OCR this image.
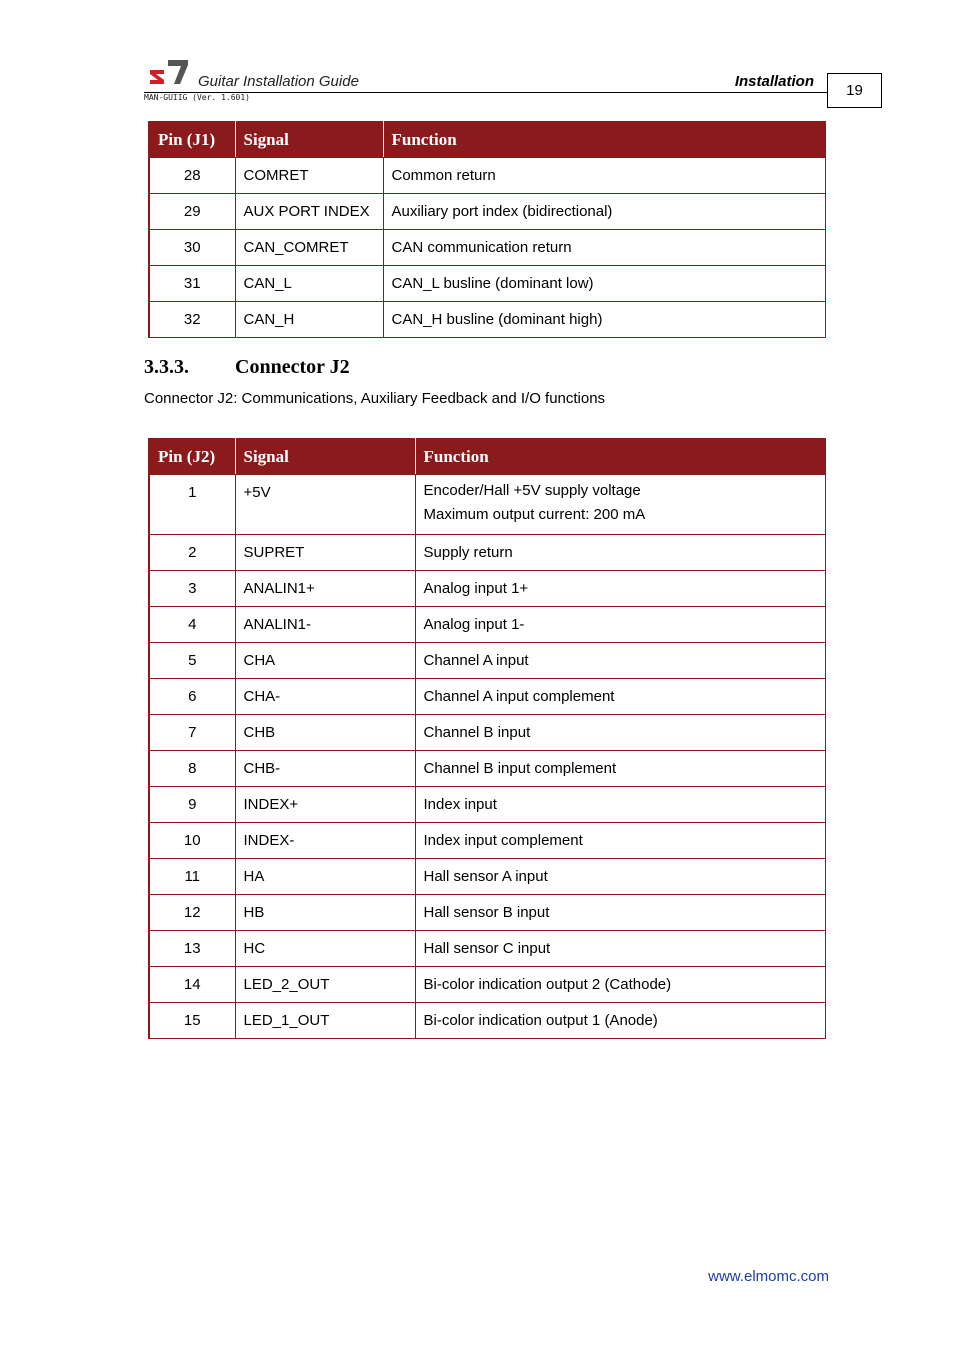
Guitar Installation Guide
MAN-GUIIG (Ver. 1.601)
Installation
19
Pin (J1)	Signal	Function
28	COMRET	Common return
29	AUX PORT INDEX	Auxiliary port index (bidirectional)
30	CAN_COMRET	CAN communication return
31	CAN_L	CAN_L busline (dominant low)
32	CAN_H	CAN_H busline (dominant high)
3.3.3. Connector J2
Connector J2: Communications, Auxiliary Feedback and I/O functions
Pin (J2)	Signal	Function
1	+5V	Encoder/Hall +5V supply voltage
Maximum output current: 200 mA

2	SUPRET	Supply return
3	ANALIN1+	Analog input 1+
4	ANALIN1-	Analog input 1-
5	CHA	Channel A input
6	CHA-	Channel A input complement
7	CHB	Channel B input
8	CHB-	Channel B input complement
9	INDEX+	Index input
10	INDEX-	Index input complement
11	HA	Hall sensor A input
12	HB	Hall sensor B input
13	HC	Hall sensor C input
14	LED_2_OUT	Bi-color indication output 2 (Cathode)
15	LED_1_OUT	Bi-color indication output 1 (Anode)
www.elmomc.com
